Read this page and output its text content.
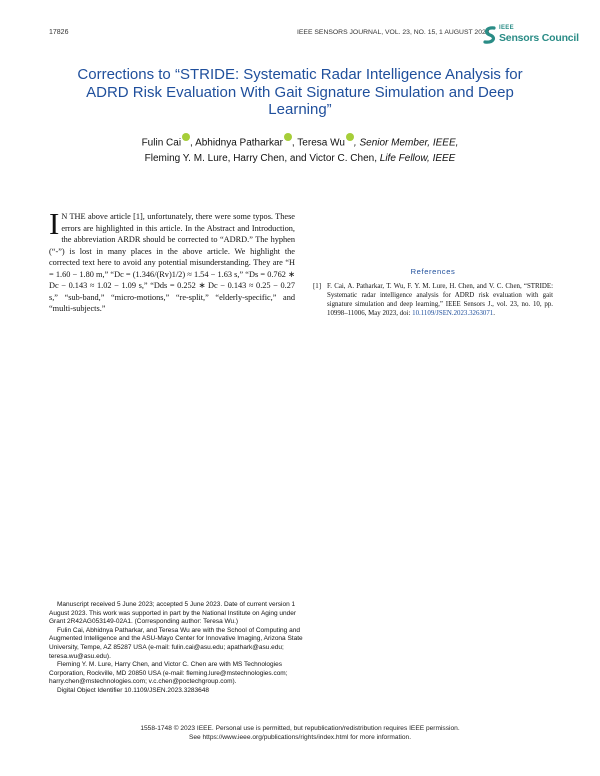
17826	IEEE SENSORS JOURNAL, VOL. 23, NO. 15, 1 AUGUST 2023
IEEE
Sensors Council
Corrections to “STRIDE: Systematic Radar Intelligence Analysis for ADRD Risk Evaluation With Gait Signature Simulation and Deep Learning”
Fulin Cai , Abhidnya Patharkar , Teresa Wu , Senior Member, IEEE,
Fleming Y. M. Lure, Harry Chen, and Victor C. Chen, Life Fellow, IEEE
I N THE above article [1], unfortunately, there were some typos. These errors are highlighted in this article. In the Abstract and Introduction, the abbreviation ARDR should be corrected to “ADRD.” The hyphen (“-”) is lost in many places in the above article. We highlight the corrected text here to avoid any potential misunderstanding. They are “H = 1.60 − 1.80 m,” “Dc = (1.346/(Rv)1/2) ≈ 1.54 − 1.63 s,” “Ds = 0.762 ∗ Dc − 0.143 ≈ 1.02 − 1.09 s,” “Dds = 0.252 ∗ Dc − 0.143 ≈ 0.25 − 0.27 s,” “sub-band,” “micro-motions,” “re-split,” “elderly-specific,” and “multi-subjects.”
References
[1] F. Cai, A. Patharkar, T. Wu, F. Y. M. Lure, H. Chen, and V. C. Chen, “STRIDE: Systematic radar intelligence analysis for ADRD risk evaluation with gait signature simulation and deep learning,” IEEE Sensors J., vol. 23, no. 10, pp. 10998–11006, May 2023, doi: 10.1109/JSEN.2023.3263071.

Manuscript received 5 June 2023; accepted 5 June 2023. Date of current version 1 August 2023. This work was supported in part by the National Institute on Aging under Grant 2R42AG053149-02A1. (Corresponding author: Teresa Wu.)

Fulin Cai, Abhidnya Patharkar, and Teresa Wu are with the School of Computing and Augmented Intelligence and the ASU-Mayo Center for Innovative Imaging, Arizona State University, Tempe, AZ 85287 USA (e-mail: fulin.cai@asu.edu; apathark@asu.edu; teresa.wu@asu.edu).

Fleming Y. M. Lure, Harry Chen, and Victor C. Chen are with MS Technologies Corporation, Rockville, MD 20850 USA (e-mail: fleming.lure@mstechnologies.com; harry.chen@mstechnologies.com; v.c.chen@poctechgroup.com).

Digital Object Identifier 10.1109/JSEN.2023.3283648

1558-1748 © 2023 IEEE. Personal use is permitted, but republication/redistribution requires IEEE permission.
See https://www.ieee.org/publications/rights/index.html for more information.
